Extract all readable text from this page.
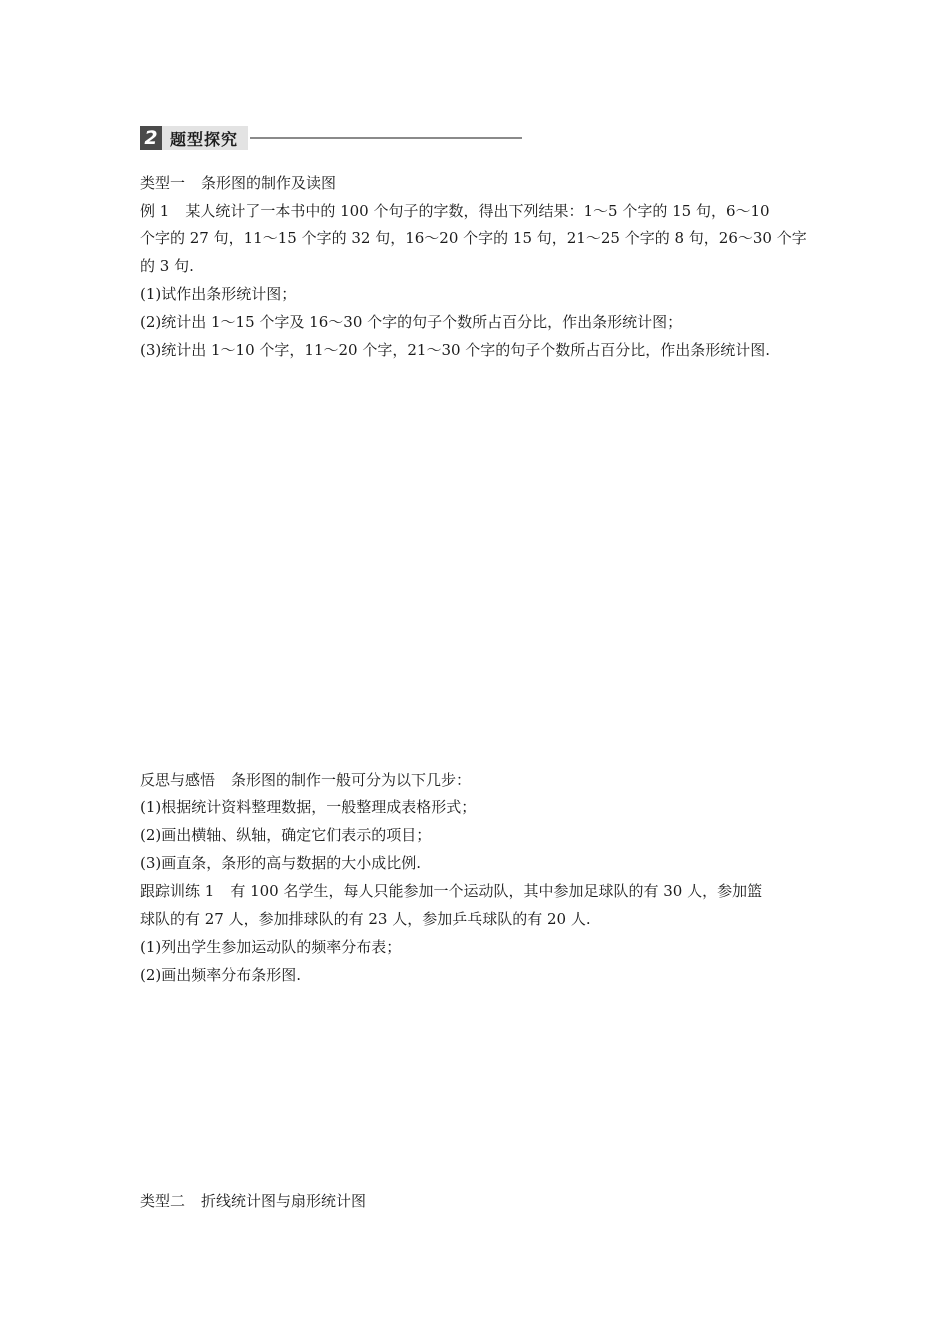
2 题型探究
类型一 条形图的制作及读图
例 1 某人统计了一本书中的 100 个句子的字数，得出下列结果：1～5 个字的 15 句，6～10
个字的 27 句，11～15 个字的 32 句，16～20 个字的 15 句，21～25 个字的 8 句，26～30 个字
的 3 句.
(1)试作出条形统计图；
(2)统计出 1～15 个字及 16～30 个字的句子个数所占百分比，作出条形统计图；
(3)统计出 1～10 个字，11～20 个字，21～30 个字的句子个数所占百分比，作出条形统计图.
反思与感悟 条形图的制作一般可分为以下几步：
(1)根据统计资料整理数据，一般整理成表格形式；
(2)画出横轴、纵轴，确定它们表示的项目；
(3)画直条，条形的高与数据的大小成比例.
跟踪训练 1 有 100 名学生，每人只能参加一个运动队，其中参加足球队的有 30 人，参加篮
球队的有 27 人，参加排球队的有 23 人，参加乒乓球队的有 20 人.
(1)列出学生参加运动队的频率分布表；
(2)画出频率分布条形图.
类型二 折线统计图与扇形统计图
